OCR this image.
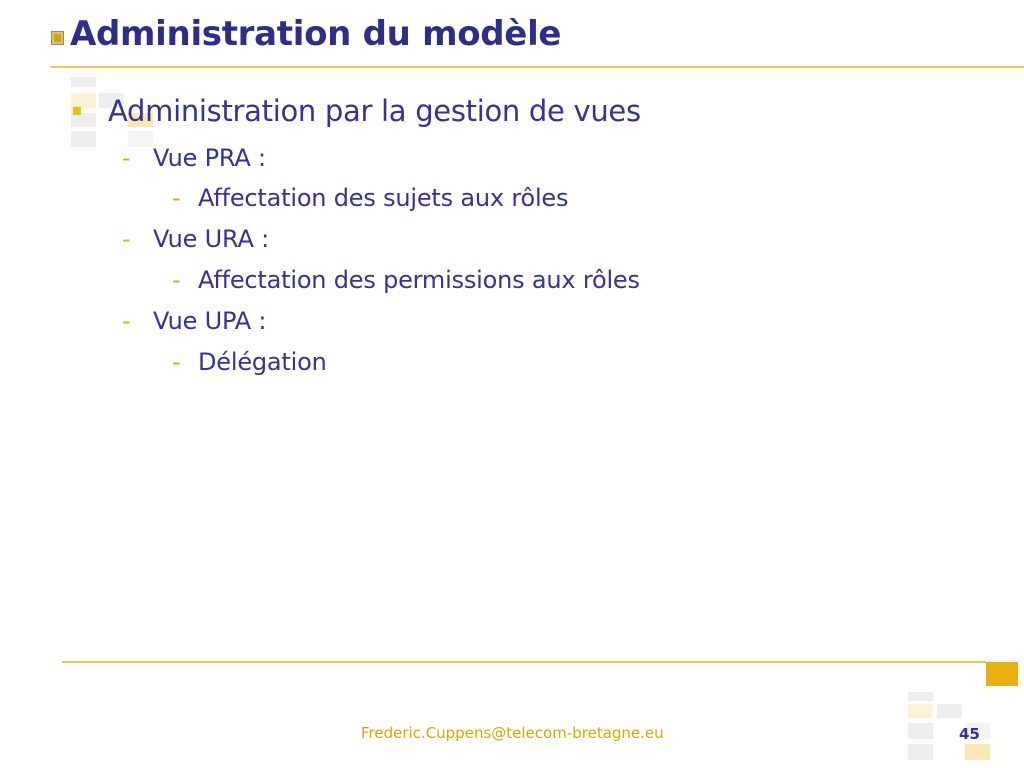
Administration du modèle
Administration par la gestion de vues
- Vue PRA :
- Affectation des sujets aux rôles
- Vue URA :
- Affectation des permissions aux rôles
- Vue UPA :
- Délégation
Frederic.Cuppens@telecom-bretagne.eu	45
